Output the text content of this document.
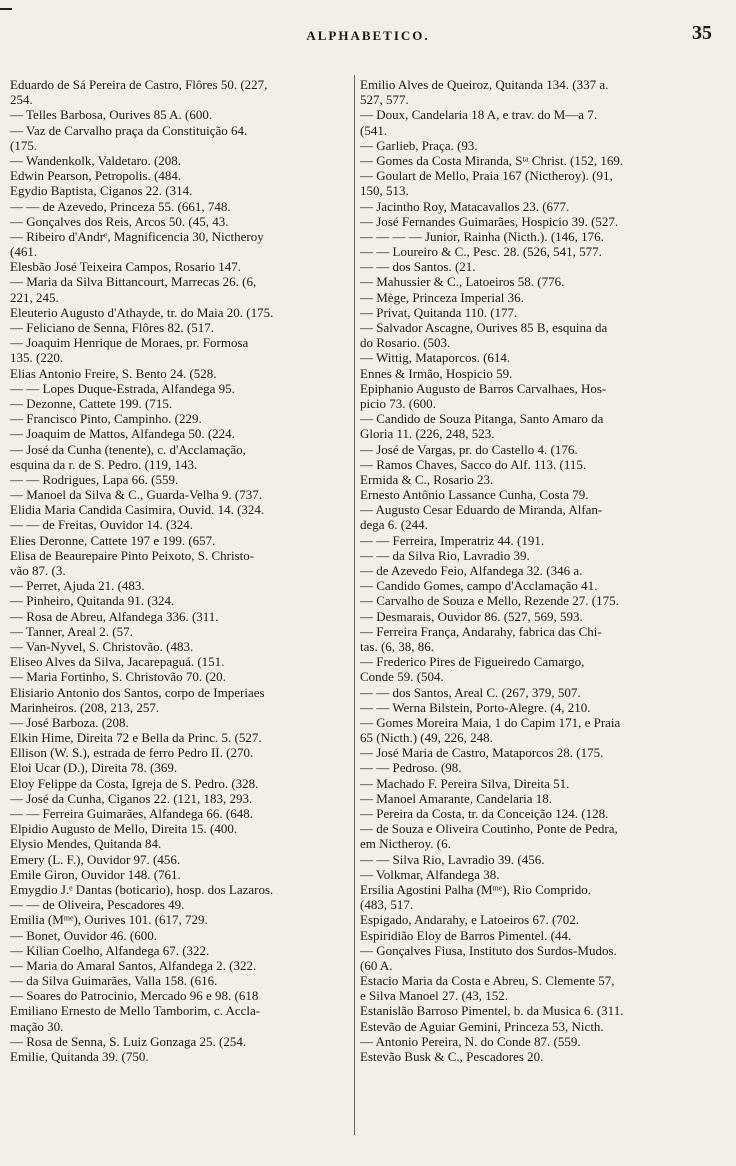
ALPHABETICO.	35
Eduardo de Sá Pereira de Castro, Flôres 50. (227,
254.
— Telles Barbosa, Ourives 85 A. (600.
— Vaz de Carvalho praça da Constituição 64.
(175.
— Wandenkolk, Valdetaro. (208.
Edwin Pearson, Petropolis. (484.
Egydio Baptista, Ciganos 22. (314.
— — de Azevedo, Princeza 55. (661, 748.
— Gonçalves dos Reis, Arcos 50. (45, 43.
— Ribeiro d'Andrᵉ, Magnificencia 30, Nictheroy
(461.
Elesbão José Teixeira Campos, Rosario 147.
— Maria da Silva Bittancourt, Marrecas 26. (6,
221, 245.
Eleuterio Augusto d'Athayde, tr. do Maia 20. (175.
— Feliciano de Senna, Flôres 82. (517.
— Joaquim Henrique de Moraes, pr. Formosa
135. (220.
Elias Antonio Freire, S. Bento 24. (528.
— — Lopes Duque-Estrada, Alfandega 95.
— Dezonne, Cattete 199. (715.
— Francisco Pinto, Campinho. (229.
— Joaquim de Mattos, Alfandega 50. (224.
— José da Cunha (tenente), c. d'Acclamação,
esquina da r. de S. Pedro. (119, 143.
— — Rodrigues, Lapa 66. (559.
— Manoel da Silva & C., Guarda-Velha 9. (737.
Elidia Maria Candida Casimira, Ouvid. 14. (324.
— — de Freitas, Ouvidor 14. (324.
Elies Deronne, Cattete 197 e 199. (657.
Elisa de Beaurepaire Pinto Peixoto, S. Christo-
vão 87. (3.
— Perret, Ajuda 21. (483.
— Pinheiro, Quitanda 91. (324.
— Rosa de Abreu, Alfandega 336. (311.
— Tanner, Areal 2. (57.
— Van-Nyvel, S. Christovão. (483.
Eliseo Alves da Silva, Jacarepaguá. (151.
— Maria Fortinho, S. Christovão 70. (20.
Elisiario Antonio dos Santos, corpo de Imperiaes
Marinheiros. (208, 213, 257.
— José Barboza. (208.
Elkin Hime, Direita 72 e Bella da Princ. 5. (527.
Ellison (W. S.), estrada de ferro Pedro II. (270.
Eloi Ucar (D.), Direita 78. (369.
Eloy Felippe da Costa, Igreja de S. Pedro. (328.
— José da Cunha, Ciganos 22. (121, 183, 293.
— — Ferreira Guimarães, Alfandega 66. (648.
Elpidio Augusto de Mello, Direita 15. (400.
Elysio Mendes, Quitanda 84.
Emery (L. F.), Ouvidor 97. (456.
Emile Giron, Ouvidor 148. (761.
Emygdio J.ᵉ Dantas (boticario), hosp. dos Lazaros.
— — de Oliveira, Pescadores 49.
Emilia (Mᵐᵉ), Ourives 101. (617, 729.
— Bonet, Ouvidor 46. (600.
— Kilian Coelho, Alfandega 67. (322.
— Maria do Amaral Santos, Alfandega 2. (322.
— da Silva Guimarães, Valla 158. (616.
— Soares do Patrocinio, Mercado 96 e 98. (618
Emiliano Ernesto de Mello Tamborim, c. Accla-
mação 30.
— Rosa de Senna, S. Luiz Gonzaga 25. (254.
Emilie, Quitanda 39. (750.
Emilio Alves de Queiroz, Quitanda 134. (337 a.
527, 577.
— Doux, Candelaria 18 A, e trav. do M—a 7.
(541.
— Garlieb, Praça. (93.
— Gomes da Costa Miranda, Sᵗᵃ Christ. (152, 169.
— Goulart de Mello, Praia 167 (Nictheroy). (91,
150, 513.
— Jacintho Roy, Matacavallos 23. (677.
— José Fernandes Guimarães, Hospicio 39. (527.
— — — — Junior, Rainha (Nicth.). (146, 176.
— — Loureiro & C., Pesc. 28. (526, 541, 577.
— — dos Santos. (21.
— Mahussier & C., Latoeiros 58. (776.
— Mège, Princeza Imperial 36.
— Privat, Quitanda 110. (177.
— Salvador Ascagne, Ourives 85 B, esquina da
do Rosario. (503.
— Wittig, Mataporcos. (614.
Ennes & Irmão, Hospicio 59.
Epiphanio Augusto de Barros Carvalhaes, Hos-
picio 73. (600.
— Candido de Souza Pitanga, Santo Amaro da
Gloria 11. (226, 248, 523.
— José de Vargas, pr. do Castello 4. (176.
— Ramos Chaves, Sacco do Alf. 113. (115.
Ermida & C., Rosario 23.
Ernesto Antônio Lassance Cunha, Costa 79.
— Augusto Cesar Eduardo de Miranda, Alfan-
dega 6. (244.
— — Ferreira, Imperatriz 44. (191.
— — da Silva Rio, Lavradio 39.
— de Azevedo Feio, Alfandega 32. (346 a.
— Candido Gomes, campo d'Acclamação 41.
— Carvalho de Souza e Mello, Rezende 27. (175.
— Desmarais, Ouvidor 86. (527, 569, 593.
— Ferreira França, Andarahy, fabrica das Chi-
tas. (6, 38, 86.
— Frederico Pires de Figueiredo Camargo,
Conde 59. (504.
— — dos Santos, Areal C. (267, 379, 507.
— — Werna Bilstein, Porto-Alegre. (4, 210.
— Gomes Moreira Maia, 1 do Capim 171, e Praia
65 (Nicth.) (49, 226, 248.
— José Maria de Castro, Mataporcos 28. (175.
— — Pedroso. (98.
— Machado F. Pereira Silva, Direita 51.
— Manoel Amarante, Candelaria 18.
— Pereira da Costa, tr. da Conceição 124. (128.
— de Souza e Oliveira Coutinho, Ponte de Pedra,
em Nictheroy. (6.
— — Silva Rio, Lavradio 39. (456.
— Volkmar, Alfandega 38.
Ersilia Agostini Palha (Mᵐᵉ), Rio Comprido.
(483, 517.
Espigado, Andarahy, e Latoeiros 67. (702.
Espiridião Eloy de Barros Pimentel. (44.
— Gonçalves Fiusa, Instituto dos Surdos-Mudos.
(60 A.
Estacio Maria da Costa e Abreu, S. Clemente 57,
e Silva Manoel 27. (43, 152.
Estanislão Barroso Pimentel, b. da Musica 6. (311.
Estevão de Aguiar Gemini, Princeza 53, Nicth.
— Antonio Pereira, N. do Conde 87. (559.
Estevão Busk & C., Pescadores 20.
